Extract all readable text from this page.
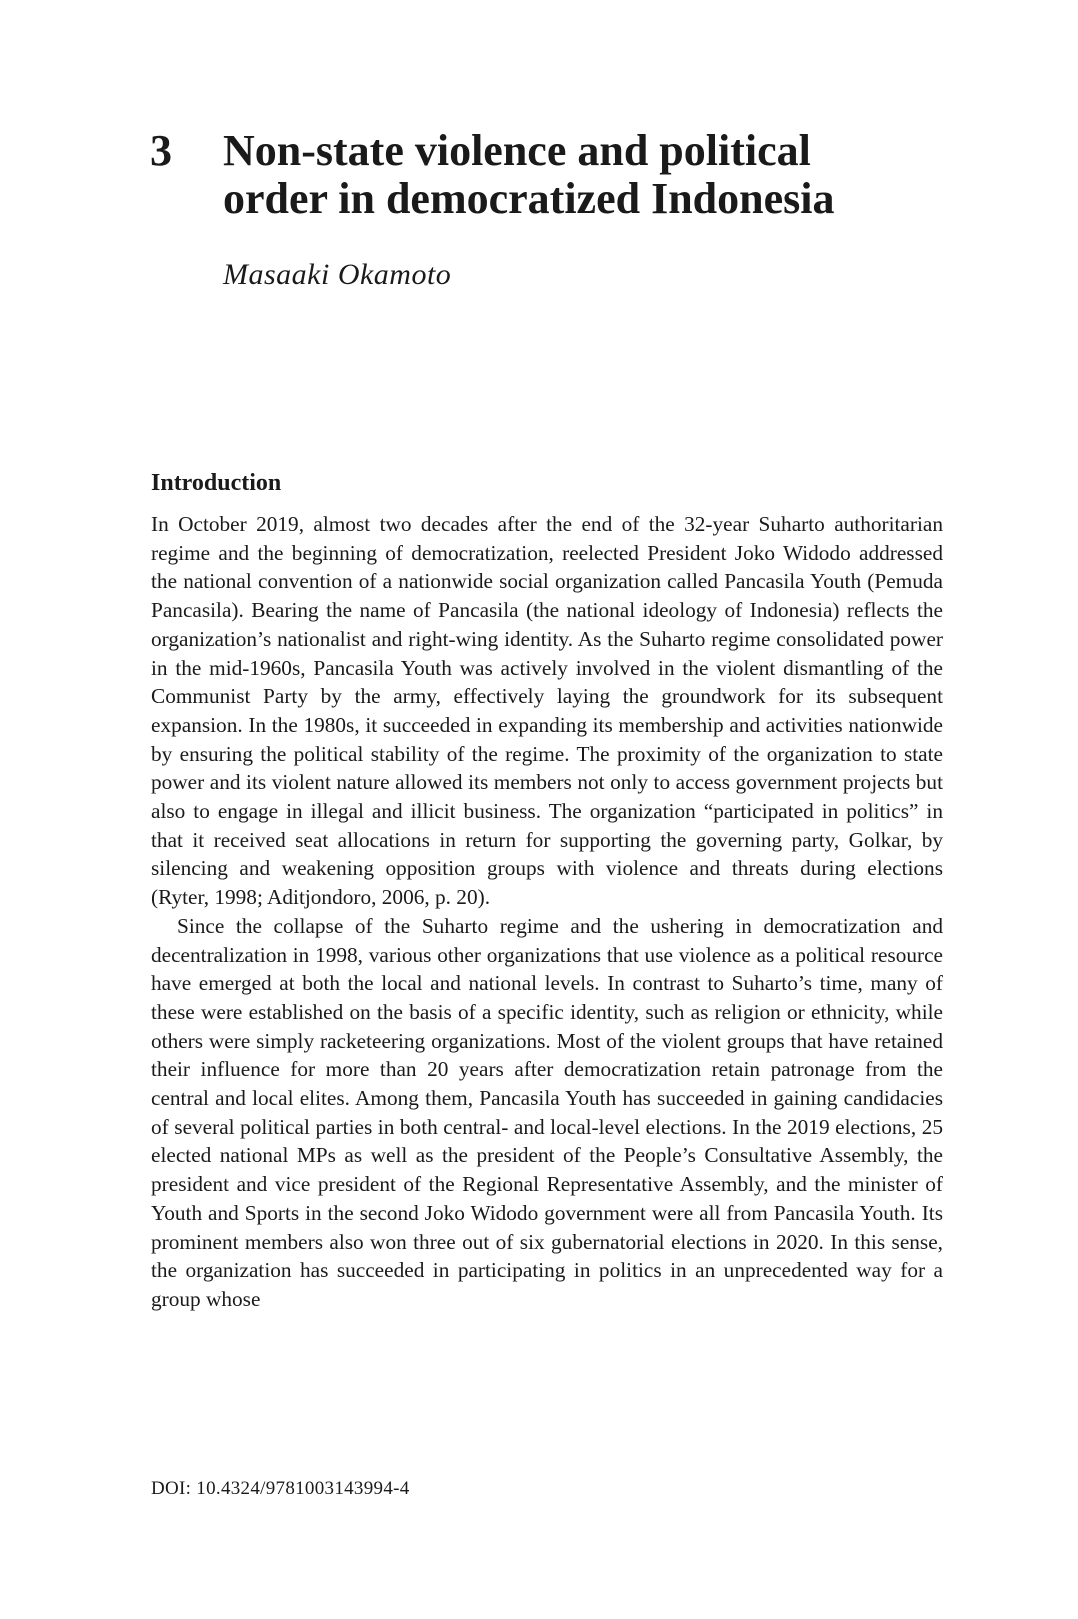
3 Non-state violence and political
order in democratized Indonesia
Masaaki Okamoto
Introduction

In October 2019, almost two decades after the end of the 32-year Suharto authoritarian regime and the beginning of democratization, reelected President Joko Widodo addressed the national convention of a nationwide social organization called Pancasila Youth (Pemuda Pancasila). Bearing the name of Pancasila (the national ideology of Indonesia) reflects the organization’s nationalist and right-wing identity. As the Suharto regime consolidated power in the mid-1960s, Pancasila Youth was actively involved in the violent dismantling of the Communist Party by the army, effectively laying the groundwork for its subsequent expansion. In the 1980s, it succeeded in expanding its membership and activities nationwide by ensuring the political stability of the regime. The proximity of the organization to state power and its violent nature allowed its members not only to access government projects but also to engage in illegal and illicit business. The organization “participated in politics” in that it received seat allocations in return for supporting the governing party, Golkar, by silencing and weakening opposition groups with violence and threats during elections (Ryter, 1998; Aditjondoro, 2006, p. 20).

Since the collapse of the Suharto regime and the ushering in democratization and decentralization in 1998, various other organizations that use violence as a political resource have emerged at both the local and national levels. In contrast to Suharto’s time, many of these were established on the basis of a specific identity, such as religion or ethnicity, while others were simply racketeering organizations. Most of the violent groups that have retained their influence for more than 20 years after democratization retain patronage from the central and local elites. Among them, Pancasila Youth has succeeded in gaining candidacies of several political parties in both central- and local-level elections. In the 2019 elections, 25 elected national MPs as well as the president of the People’s Consultative Assembly, the president and vice president of the Regional Representative Assembly, and the minister of Youth and Sports in the second Joko Widodo government were all from Pancasila Youth. Its prominent members also won three out of six gubernatorial elections in 2020. In this sense, the organization has succeeded in participating in politics in an unprecedented way for a group whose

DOI: 10.4324/9781003143994-4
